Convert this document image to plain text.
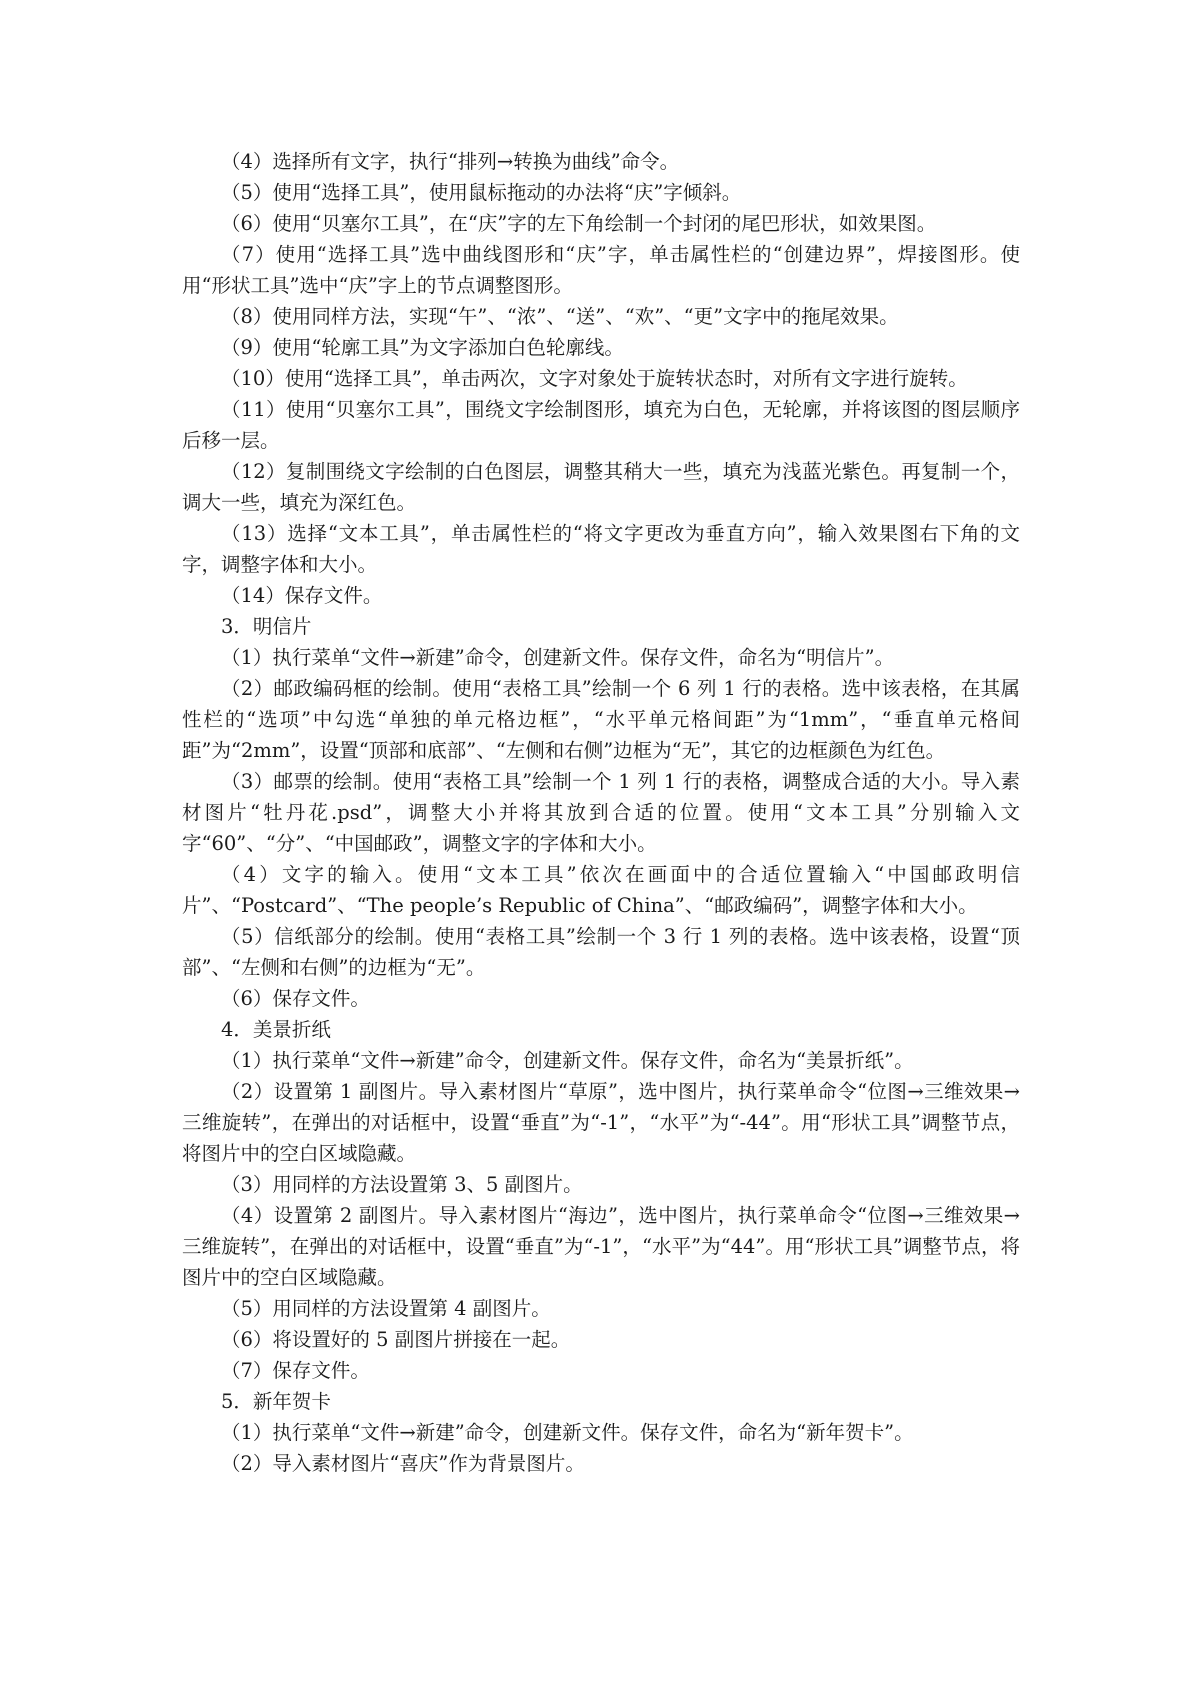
（4）选择所有文字，执行“排列→转换为曲线”命令。

（5）使用“选择工具”，使用鼠标拖动的办法将“庆”字倾斜。

（6）使用“贝塞尔工具”，在“庆”字的左下角绘制一个封闭的尾巴形状，如效果图。

（7）使用“选择工具”选中曲线图形和“庆”字，单击属性栏的“创建边界”，焊接图形。使用“形状工具”选中“庆”字上的节点调整图形。

（8）使用同样方法，实现“午”、“浓”、“送”、“欢”、“更”文字中的拖尾效果。

（9）使用“轮廓工具”为文字添加白色轮廓线。

（10）使用“选择工具”，单击两次，文字对象处于旋转状态时，对所有文字进行旋转。

（11）使用“贝塞尔工具”，围绕文字绘制图形，填充为白色，无轮廓，并将该图的图层顺序后移一层。

（12）复制围绕文字绘制的白色图层，调整其稍大一些，填充为浅蓝光紫色。再复制一个，调大一些，填充为深红色。

（13）选择“文本工具”，单击属性栏的“将文字更改为垂直方向”，输入效果图右下角的文字，调整字体和大小。

（14）保存文件。

3．明信片

（1）执行菜单“文件→新建”命令，创建新文件。保存文件，命名为“明信片”。

（2）邮政编码框的绘制。使用“表格工具”绘制一个 6 列 1 行的表格。选中该表格，在其属性栏的“选项”中勾选“单独的单元格边框”，“水平单元格间距”为“1mm”，“垂直单元格间距”为“2mm”，设置“顶部和底部”、“左侧和右侧”边框为“无”，其它的边框颜色为红色。

（3）邮票的绘制。使用“表格工具”绘制一个 1 列 1 行的表格，调整成合适的大小。导入素材图片“牡丹花.psd”，调整大小并将其放到合适的位置。使用“文本工具”分别输入文字“60”、“分”、“中国邮政”，调整文字的字体和大小。

（4）文字的输入。使用“文本工具”依次在画面中的合适位置输入“中国邮政明信片”、“Postcard”、“The people’s Republic of China”、“邮政编码”，调整字体和大小。

（5）信纸部分的绘制。使用“表格工具”绘制一个 3 行 1 列的表格。选中该表格，设置“顶部”、“左侧和右侧”的边框为“无”。

（6）保存文件。

4．美景折纸

（1）执行菜单“文件→新建”命令，创建新文件。保存文件，命名为“美景折纸”。

（2）设置第 1 副图片。导入素材图片“草原”，选中图片，执行菜单命令“位图→三维效果→三维旋转”，在弹出的对话框中，设置“垂直”为“-1”，“水平”为“-44”。用“形状工具”调整节点，将图片中的空白区域隐藏。

（3）用同样的方法设置第 3、5 副图片。

（4）设置第 2 副图片。导入素材图片“海边”，选中图片，执行菜单命令“位图→三维效果→三维旋转”，在弹出的对话框中，设置“垂直”为“-1”，“水平”为“44”。用“形状工具”调整节点，将图片中的空白区域隐藏。

（5）用同样的方法设置第 4 副图片。

（6）将设置好的 5 副图片拼接在一起。

（7）保存文件。

5．新年贺卡

（1）执行菜单“文件→新建”命令，创建新文件。保存文件，命名为“新年贺卡”。

（2）导入素材图片“喜庆”作为背景图片。
